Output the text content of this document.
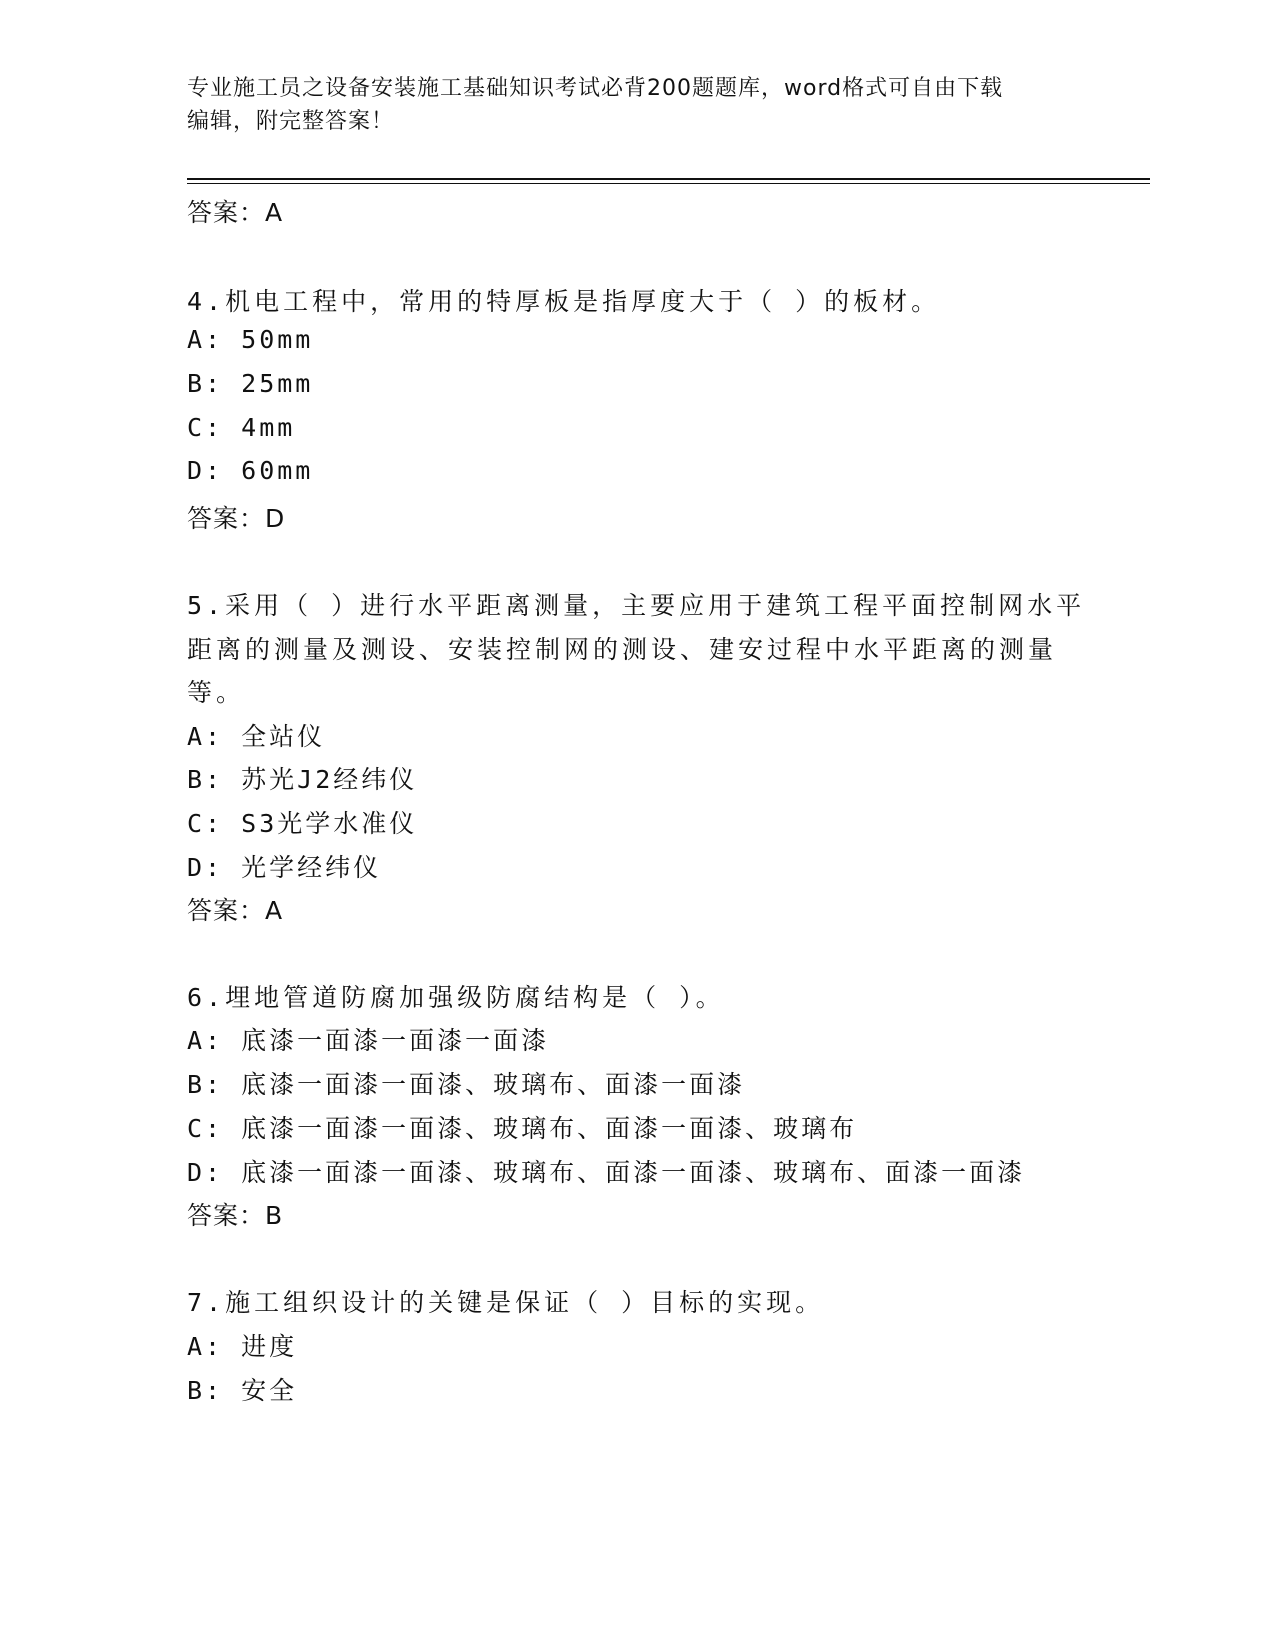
专业施工员之设备安装施工基础知识考试必背200题题库，word格式可自由下载
编辑，附完整答案！
答案：A
4.机电工程中，常用的特厚板是指厚度大于（ ）的板材。
A: 50mm
B: 25mm
C: 4mm
D: 60mm
答案：D
5.采用（ ）进行水平距离测量，主要应用于建筑工程平面控制网水平
距离的测量及测设、安装控制网的测设、建安过程中水平距离的测量
等。
A: 全站仪
B: 苏光J2经纬仪
C: S3光学水准仪
D: 光学经纬仪
答案：A
6.埋地管道防腐加强级防腐结构是（ ）。
A: 底漆一面漆一面漆一面漆
B: 底漆一面漆一面漆、玻璃布、面漆一面漆
C: 底漆一面漆一面漆、玻璃布、面漆一面漆、玻璃布
D: 底漆一面漆一面漆、玻璃布、面漆一面漆、玻璃布、面漆一面漆
答案：B
7.施工组织设计的关键是保证（ ）目标的实现。
A: 进度
B: 安全
